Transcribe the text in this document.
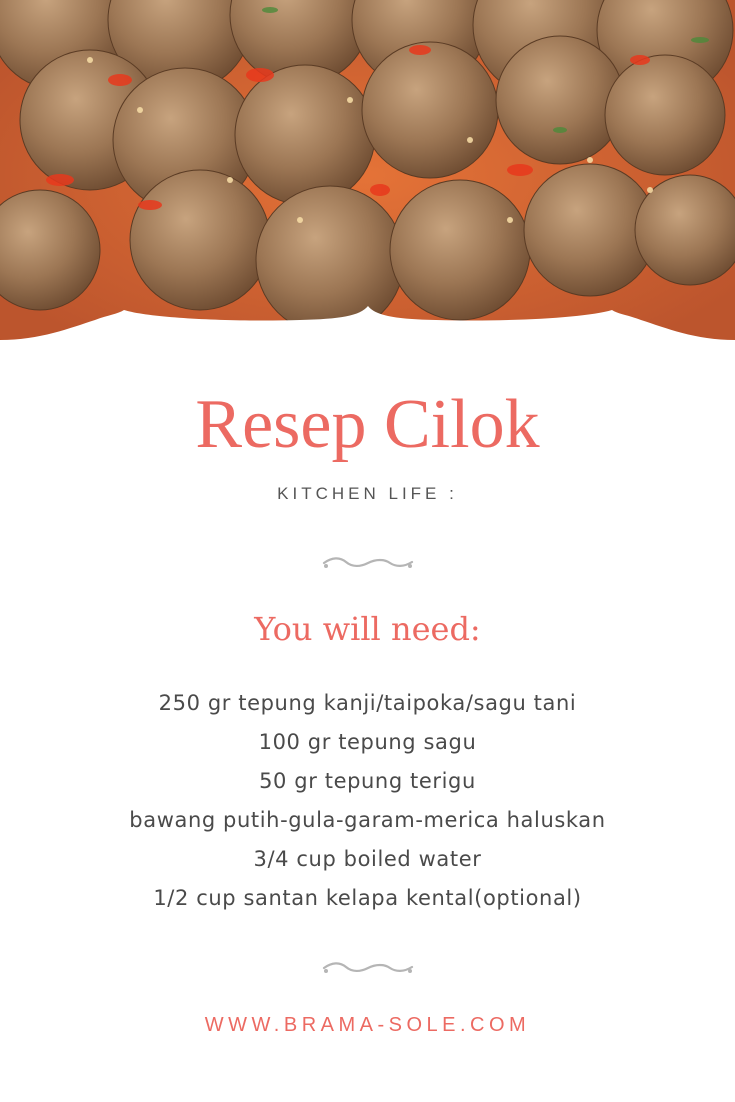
Resep Cilok
KITCHEN LIFE :
You will need:
250 gr tepung kanji/taipoka/sagu tani
100 gr tepung sagu
50 gr tepung terigu
bawang putih-gula-garam-merica haluskan
3/4 cup boiled water
1/2 cup santan kelapa kental(optional)
WWW.BRAMA-SOLE.COM
